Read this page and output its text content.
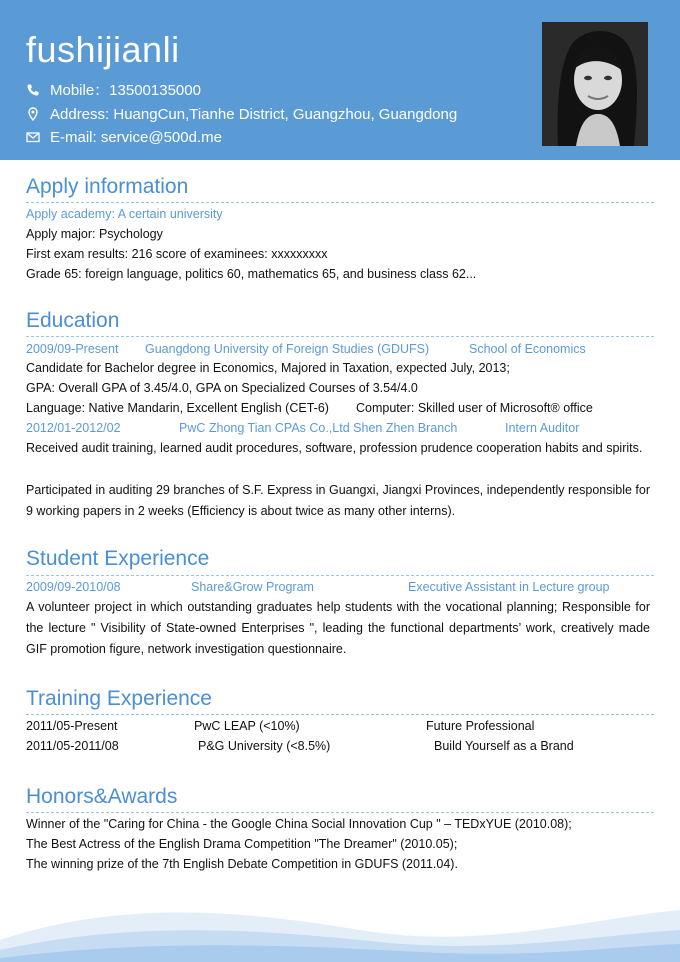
fushijianli
Mobile：13500135000
Address: HuangCun,Tianhe District, Guangzhou, Guangdong
E-mail: service@500d.me
Apply information
Apply academy: A certain university
Apply major: Psychology
First exam results: 216 score of examinees: xxxxxxxxx
Grade 65: foreign language, politics 60, mathematics 65, and business class 62...
Education
2009/09-Present Guangdong University of Foreign Studies (GDUFS)	School of Economics
Candidate for Bachelor degree in Economics, Majored in Taxation, expected July, 2013;
GPA: Overall GPA of 3.45/4.0, GPA on Specialized Courses of 3.54/4.0
Language: Native Mandarin, Excellent English (CET-6) Computer: Skilled user of Microsoft® office
2012/01-2012/02	PwC Zhong Tian CPAs Co.,Ltd Shen Zhen Branch	Intern Auditor
Received audit training, learned audit procedures, software, profession prudence cooperation habits and spirits.
Participated in auditing 29 branches of S.F. Express in Guangxi, Jiangxi Provinces, independently responsible for 9 working papers in 2 weeks (Efficiency is about twice as many other interns).
Student Experience
2009/09-2010/08	Share&Grow Program	Executive Assistant in Lecture group
A volunteer project in which outstanding graduates help students with the vocational planning; Responsible for the lecture " Visibility of State-owned Enterprises ", leading the functional departments’ work, creatively made GIF promotion figure, network investigation questionnaire.
Training Experience
2011/05-Present	PwC LEAP (<10%)	Future Professional
2011/05-2011/08	P&G University (<8.5%)	Build Yourself as a Brand
Honors&Awards
Winner of the "Caring for China - the Google China Social Innovation Cup " – TEDxYUE (2010.08);
The Best Actress of the English Drama Competition "The Dreamer" (2010.05);
The winning prize of the 7th English Debate Competition in GDUFS (2011.04).
